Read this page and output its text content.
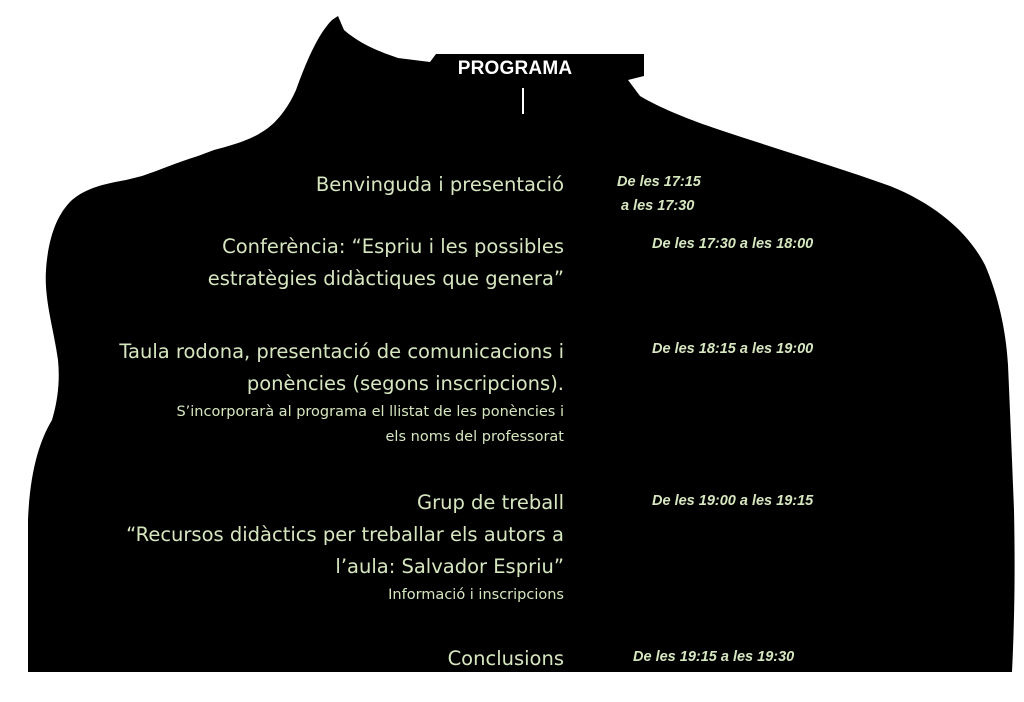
PROGRAMA
Benvinguda i presentació	De les 17:15
a les 17:30
Conferència: “Espriu i les possibles
estratègies didàctiques que genera”
De les 17:30 a les 18:00
Taula rodona, presentació de comunicacions i
ponències (segons inscripcions).
S’incorporarà al programa el llistat de les ponències i
els noms del professorat
De les 18:15 a les 19:00
Grup de treball
“Recursos didàctics per treballar els autors a
l’aula: Salvador Espriu”
Informació i inscripcions
De les 19:00 a les 19:15
Conclusions	De les 19:15 a les 19:30
